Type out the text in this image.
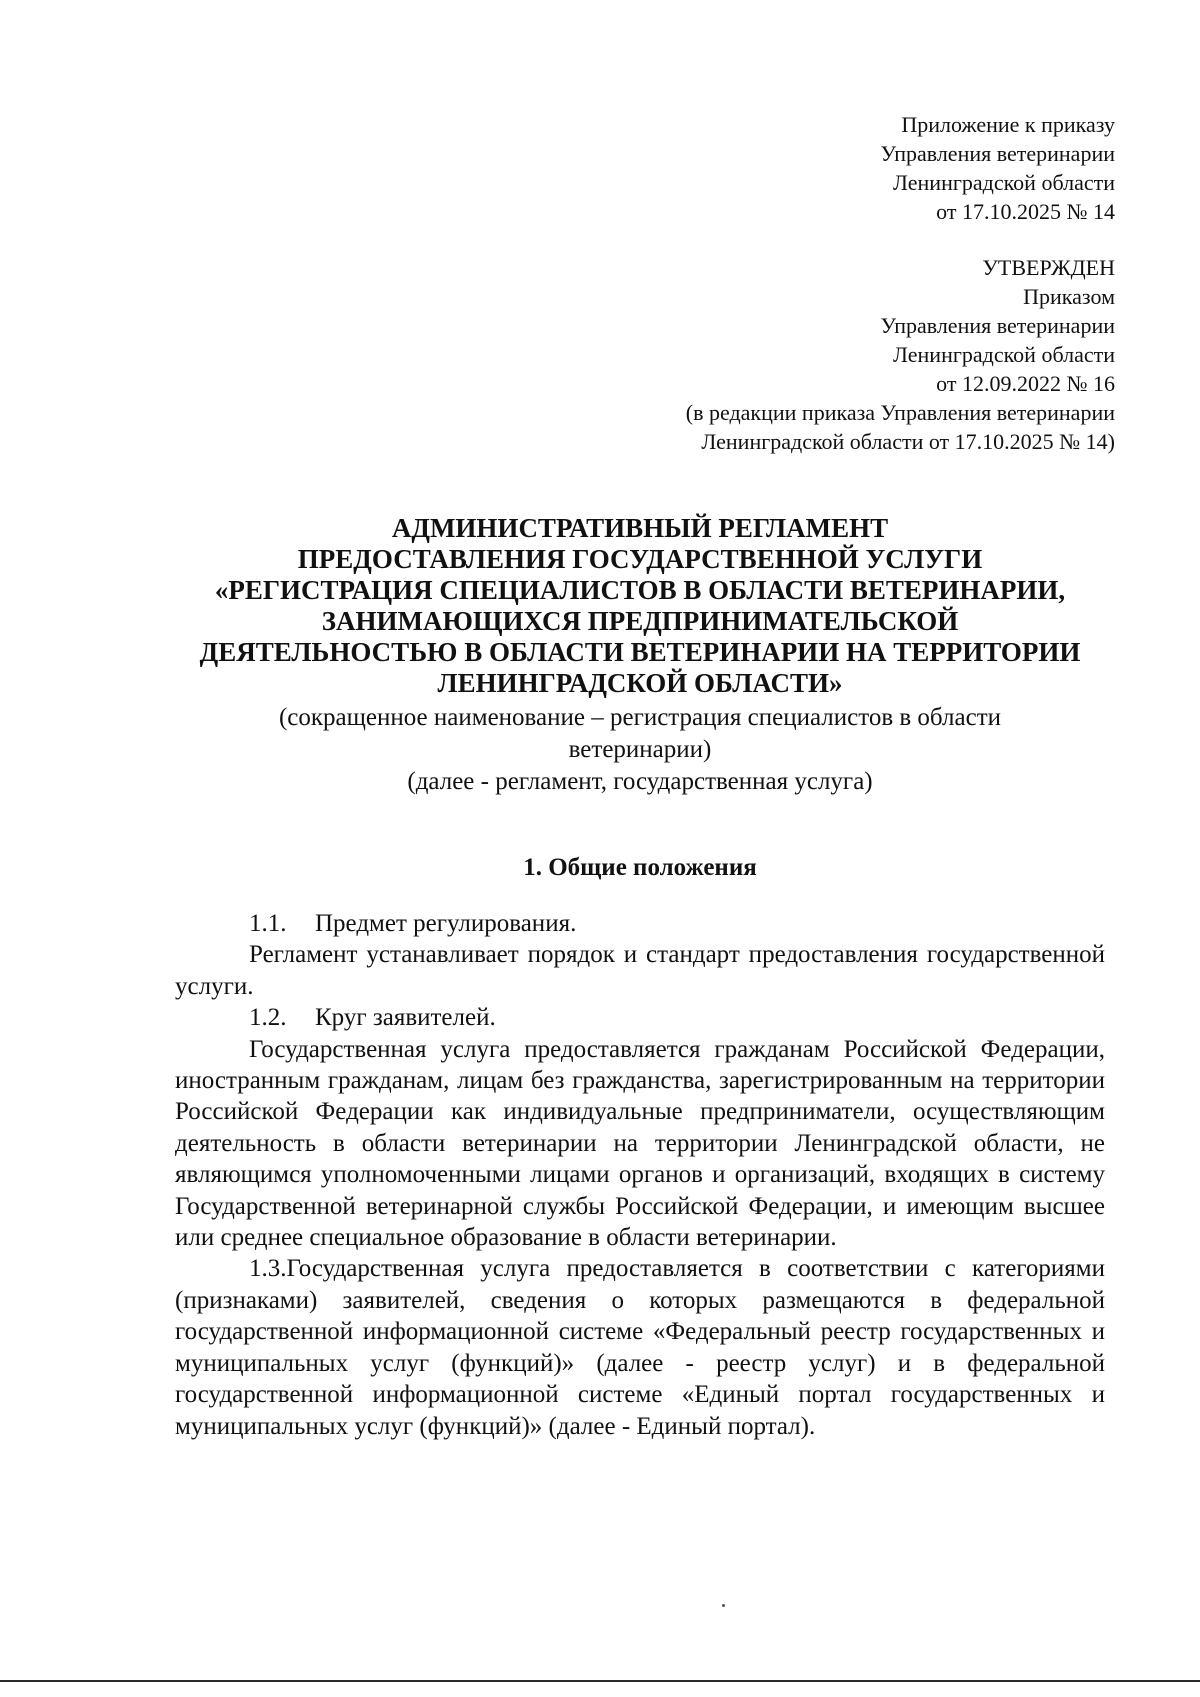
Приложение к приказу
Управления ветеринарии
Ленинградской области
от 17.10.2025 № 14
УТВЕРЖДЕН
Приказом
Управления ветеринарии
Ленинградской области
от 12.09.2022 № 16
(в редакции приказа Управления ветеринарии
Ленинградской области от 17.10.2025 № 14)
АДМИНИСТРАТИВНЫЙ РЕГЛАМЕНТ
ПРЕДОСТАВЛЕНИЯ ГОСУДАРСТВЕННОЙ УСЛУГИ
«РЕГИСТРАЦИЯ СПЕЦИАЛИСТОВ В ОБЛАСТИ ВЕТЕРИНАРИИ,
ЗАНИМАЮЩИХСЯ ПРЕДПРИНИМАТЕЛЬСКОЙ
ДЕЯТЕЛЬНОСТЬЮ В ОБЛАСТИ ВЕТЕРИНАРИИ НА ТЕРРИТОРИИ
ЛЕНИНГРАДСКОЙ ОБЛАСТИ»
(сокращенное наименование – регистрация специалистов в области
ветеринарии)
(далее - регламент, государственная услуга)
1. Общие положения

1.1. Предмет регулирования.

Регламент устанавливает порядок и стандарт предоставления государственной услуги.

1.2. Круг заявителей.

Государственная услуга предоставляется гражданам Российской Федерации, иностранным гражданам, лицам без гражданства, зарегистрированным на территории Российской Федерации как индивидуальные предприниматели, осуществляющим деятельность в области ветеринарии на территории Ленинградской области, не являющимся уполномоченными лицами органов и организаций, входящих в систему Государственной ветеринарной службы Российской Федерации, и имеющим высшее или среднее специальное образование в области ветеринарии.

1.3.Государственная услуга предоставляется в соответствии с категориями (признаками) заявителей, сведения о которых размещаются в федеральной государственной информационной системе «Федеральный реестр государственных и муниципальных услуг (функций)» (далее - реестр услуг) и в федеральной государственной информационной системе «Единый портал государственных и муниципальных услуг (функций)» (далее - Единый портал).
